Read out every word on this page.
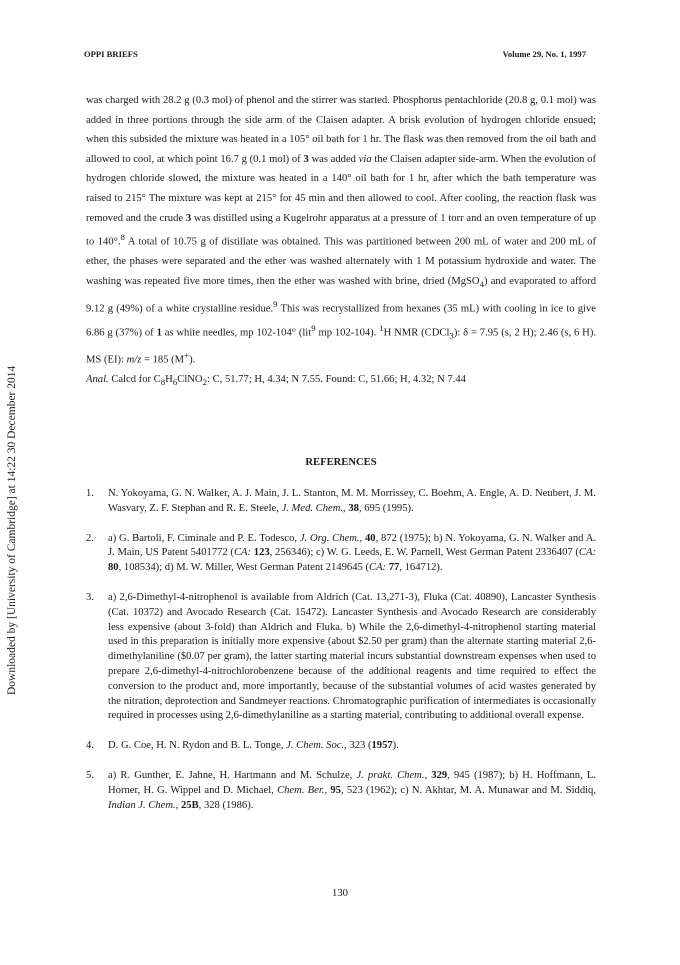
Downloaded by [University of Cambridge] at 14:22 30 December 2014
OPPI BRIEFS	Volume 29, No. 1, 1997

was charged with 28.2 g (0.3 mol) of phenol and the stirrer was started. Phosphorus pentachloride (20.8 g, 0.1 mol) was added in three portions through the side arm of the Claisen adapter. A brisk evolution of hydrogen chloride ensued; when this subsided the mixture was heated in a 105° oil bath for 1 hr. The flask was then removed from the oil bath and allowed to cool, at which point 16.7 g (0.1 mol) of 3 was added via the Claisen adapter side-arm. When the evolution of hydrogen chloride slowed, the mixture was heated in a 140° oil bath for 1 hr, after which the bath temperature was raised to 215° The mixture was kept at 215° for 45 min and then allowed to cool. After cooling, the reaction flask was removed and the crude 3 was distilled using a Kugelrohr apparatus at a pressure of 1 torr and an oven temperature of up to 140°.$^8$ A total of 10.75 g of distillate was obtained. This was partitioned between 200 mL of water and 200 mL of ether, the phases were separated and the ether was washed alternately with 1 M potassium hydroxide and water. The washing was repeated five more times, then the ether was washed with brine, dried (MgSO$_4$) and evaporated to afford 9.12 g (49%) of a white crystalline residue.$^9$ This was recrystallized from hexanes (35 mL) with cooling in ice to give 6.86 g (37%) of 1 as white needles, mp 102-104° (lit$^9$ mp 102-104). $^1$H NMR (CDCl$_3$): δ = 7.95 (s, 2 H); 2.46 (s, 6 H). MS (EI): m/z = 185 (M+).

Anal. Calcd for $C_8H_6ClNO_2$: C, 51.77; H, 4.34; N 7.55. Found: C, 51.66; H, 4.32; N 7.44

REFERENCES
1.	N. Yokoyama, G. N. Walker, A. J. Main, J. L. Stanton, M. M. Morrissey, C. Boehm, A. Engle, A. D. Neubert, J. M. Wasvary, Z. F. Stephan and R. E. Steele, J. Med. Chem., 38, 695 (1995).
2.	a) G. Bartoli, F. Ciminale and P. E. Todesco, J. Org. Chem., 40, 872 (1975); b) N. Yokoyama, G. N. Walker and A. J. Main, US Patent 5401772 (CA: 123, 256346); c) W. G. Leeds, E. W. Parnell, West German Patent 2336407 (CA: 80, 108534); d) M. W. Miller, West German Patent 2149645 (CA: 77, 164712).
3.	a) 2,6-Dimethyl-4-nitrophenol is available from Aldrich (Cat. 13,271-3), Fluka (Cat. 40890), Lancaster Synthesis (Cat. 10372) and Avocado Research (Cat. 15472). Lancaster Synthesis and Avocado Research are considerably less expensive (about 3-fold) than Aldrich and Fluka. b) While the 2,6-dimethyl-4-nitrophenol starting material used in this preparation is initially more expensive (about $2.50 per gram) than the alternate starting material 2,6-dimethylaniline ($0.07 per gram), the latter starting material incurs substantial downstream expenses when used to prepare 2,6-dimethyl-4-nitrochlorobenzene because of the additional reagents and time required to effect the conversion to the product and, more importantly, because of the substantial volumes of acid wastes generated by the nitration, deprotection and Sandmeyer reactions. Chromatographic purification of intermediates is occasionally required in processes using 2,6-dimethylaniline as a starting material, contributing to additional overall expense.
4.	D. G. Coe, H. N. Rydon and B. L. Tonge, J. Chem. Soc., 323 (1957).
5.	a) R. Gunther, E. Jahne, H. Hartmann and M. Schulze, J. prakt. Chem., 329, 945 (1987); b) H. Hoffmann, L. Horner, H. G. Wippel and D. Michael, Chem. Ber., 95, 523 (1962); c) N. Akhtar, M. A. Munawar and M. Siddiq, Indian J. Chem., 25B, 328 (1986).
130
